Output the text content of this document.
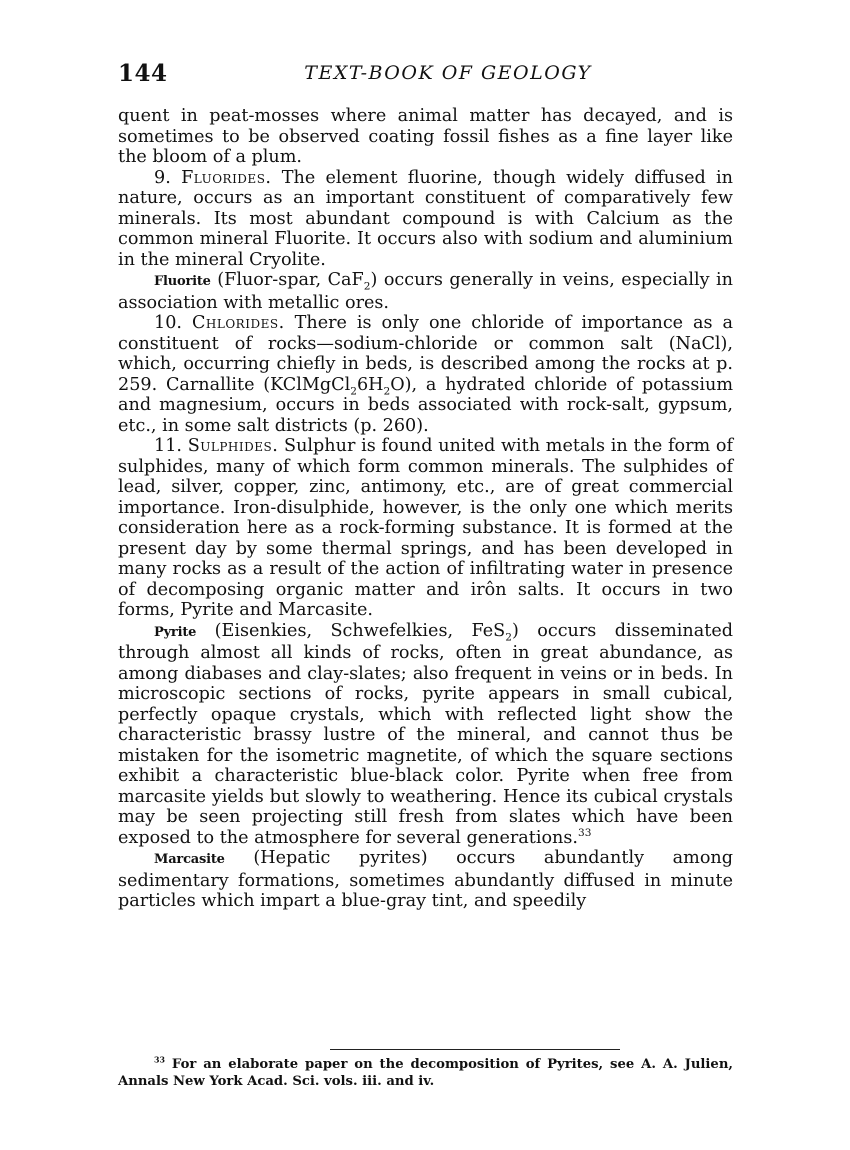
144	TEXT-BOOK OF GEOLOGY

quent in peat-mosses where animal matter has decayed, and is sometimes to be observed coating fossil fishes as a fine layer like the bloom of a plum.

9. Fluorides. The element fluorine, though widely diffused in nature, occurs as an important constituent of comparatively few minerals. Its most abundant compound is with Calcium as the common mineral Fluorite. It occurs also with sodium and aluminium in the mineral Cryolite.

Fluorite (Fluor-spar, CaF$_2$) occurs generally in veins, especially in association with metallic ores.

10. Chlorides. There is only one chloride of importance as a constituent of rocks—sodium-chloride or common salt (NaCl), which, occurring chiefly in beds, is described among the rocks at p. 259. Carnallite $(KClMgCl_26H_2O)$, a hydrated chloride of potassium and magnesium, occurs in beds associated with rock-salt, gypsum, etc., in some salt districts (p. 260).

11. Sulphides. Sulphur is found united with metals in the form of sulphides, many of which form common minerals. The sulphides of lead, silver, copper, zinc, antimony, etc., are of great commercial importance. Iron-disulphide, however, is the only one which merits consideration here as a rock-forming substance. It is formed at the present day by some thermal springs, and has been developed in many rocks as a result of the action of infiltrating water in presence of decomposing organic matter and irôn salts. It occurs in two forms, Pyrite and Marcasite.

Pyrite (Eisenkies, Schwefelkies, FeS$_2$) occurs disseminated through almost all kinds of rocks, often in great abundance, as among diabases and clay-slates; also frequent in veins or in beds. In microscopic sections of rocks, pyrite appears in small cubical, perfectly opaque crystals, which with reflected light show the characteristic brassy lustre of the mineral, and cannot thus be mistaken for the isometric magnetite, of which the square sections exhibit a characteristic blue-black color. Pyrite when free from marcasite yields but slowly to weathering. Hence its cubical crystals may be seen projecting still fresh from slates which have been exposed to the atmosphere for several generations.$^{33}$

Marcasite (Hepatic pyrites) occurs abundantly among sedimentary formations, sometimes abundantly diffused in minute particles which impart a blue-gray tint, and speedily

$^{33}$ For an elaborate paper on the decomposition of Pyrites, see A. A. Julien, Annals New York Acad. Sci. vols. iii. and iv.
